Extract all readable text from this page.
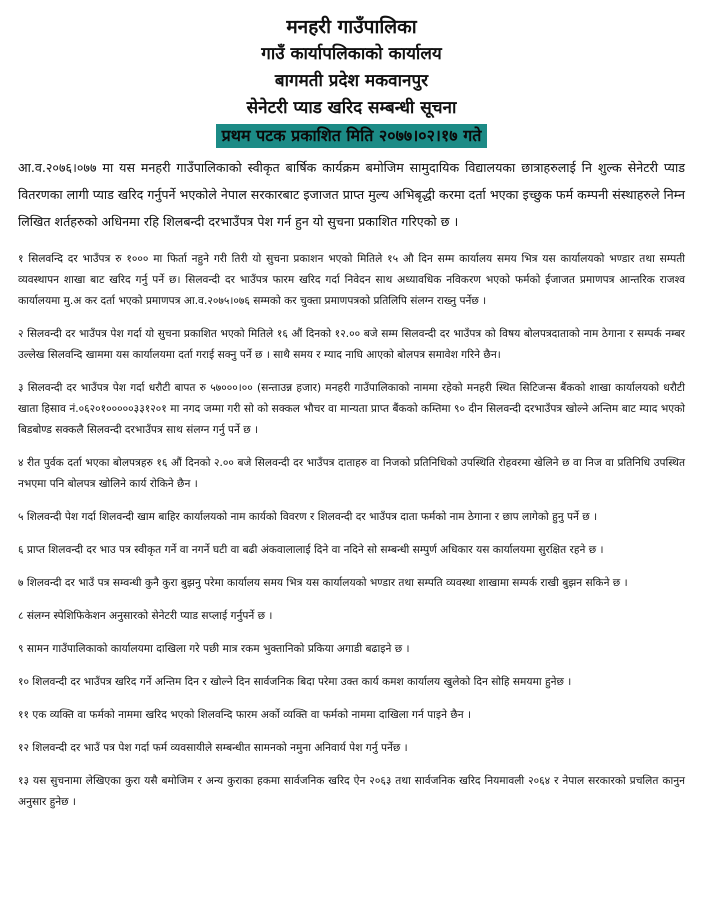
मनहरी गाउँपालिका
गाउँ कार्यापलिकाको कार्यालय
बागमती प्रदेश मकवानपुर
सेनेटरी प्याड खरिद सम्बन्धी सूचना
प्रथम पटक प्रकाशित मिति २०७७।०२।१७ गते
आ.व.२०७६।०७७ मा यस मनहरी गाउँपालिकाको स्वीकृत बार्षिक कार्यक्रम बमोजिम सामुदायिक विद्यालयका छात्राहरुलाई नि शुल्क सेनेटरी प्याड वितरणका लागी प्याड खरिद गर्नुपर्ने भएकोले नेपाल सरकारबाट इजाजत प्राप्त मुल्य अभिबृद्धी करमा दर्ता भएका इच्छुक फर्म कम्पनी संस्थाहरुले निम्न लिखित शर्तहरुको अधिनमा रहि शिलबन्दी दरभाउँपत्र पेश गर्न हुन यो सुचना प्रकाशित गरिएको छ ।

१ सिलवन्दि दर भाउँपत्र रु १००० मा फिर्ता नहुने गरी तिरी यो सुचना प्रकाशन भएको मितिले १५ औ दिन सम्म कार्यालय समय भित्र यस कार्यालयको भण्डार तथा सम्पती व्यवस्थापन शाखा बाट खरिद गर्नु पर्ने छ। सिलवन्दी दर भाउँपत्र फारम खरिद गर्दा निवेदन साथ अध्यावधिक नविकरण भएको फर्मको ईजाजत प्रमाणपत्र आन्तरिक राजश्व कार्यालयमा मु.अ कर दर्ता भएको प्रमाणपत्र आ.व.२०७५।०७६ सम्मको कर चुक्ता प्रमाणपत्रको प्रतिलिपि संलग्न राख्नु पर्नेछ ।

२ सिलवन्दी दर भाउँपत्र पेश गर्दा यो सुचना प्रकाशित भएको मितिले १६ औं दिनको १२.०० बजे सम्म सिलवन्दी दर भाउँपत्र को विषय बोलपत्रदाताको नाम ठेगाना र सम्पर्क नम्बर उल्लेख सिलवन्दि खाममा यस कार्यालयमा दर्ता गराई सक्नु पर्ने छ । साथै समय र म्याद नाघि आएको बोलपत्र समावेश गरिने छैन।

३ सिलवन्दी दर भाउँपत्र पेश गर्दा धरौटी बापत रु ५७०००।०० (सन्ताउन्न हजार) मनहरी गाउँपालिकाको नाममा रहेको मनहरी स्थित सिटिजन्स बैंकको शाखा कार्यालयको धरौटी खाता हिसाव नं.०६२०१०००००३३१२०१ मा नगद जम्मा गरी सो को सक्कल भौचर वा मान्यता प्राप्त बैंकको कम्तिमा ९० दीन सिलवन्दी दरभाउँपत्र खोल्ने अन्तिम बाट म्याद भएको बिडबोण्ड सक्कलै सिलवन्दी दरभाउँपत्र साथ संलग्न गर्नु पर्ने छ ।

४ रीत पुर्वक दर्ता भएका बोलपत्रहरु १६ औं दिनको २.०० बजे सिलवन्दी दर भाउँपत्र दाताहरु वा निजको प्रतिनिधिको उपस्थिति रोहवरमा खेलिने छ वा निज वा प्रतिनिधि उपस्थित नभएमा पनि बोलपत्र खोलिने कार्य रोकिने छैन ।

५ शिलवन्दी पेश गर्दा शिलवन्दी खाम बाहिर कार्यालयको नाम कार्यको विवरण र शिलवन्दी दर भाउँपत्र दाता फर्मको नाम ठेगाना र छाप लागेको हुनु पर्ने छ ।

६ प्राप्त शिलवन्दी दर भाउ पत्र स्वीकृत गर्ने वा नगर्ने घटी वा बढी अंकवालालाई दिने वा नदिने सो सम्बन्धी सम्पुर्ण अधिकार यस कार्यालयमा सुरक्षित रहने छ ।

७ शिलवन्दी दर भाउँ पत्र सम्वन्धी कुनै कुरा बुझनु परेमा कार्यालय समय भित्र यस कार्यालयको भण्डार तथा सम्पति व्यवस्था शाखामा सम्पर्क राखी बुझन सकिने छ ।

८ संलग्न स्पेशिफिकेशन अनुसारको सेनेटरी प्याड सप्लाई गर्नुपर्ने छ ।

९ सामन गाउँपालिकाको कार्यालयमा दाखिला गरे पछी मात्र रकम भुक्तानिको प्रकिया अगाडी बढाइने छ ।

१० शिलवन्दी दर भाउँपत्र खरिद गर्ने अन्तिम दिन र खोल्ने दिन सार्वजनिक बिदा परेमा उक्त कार्य कमश कार्यालय खुलेको दिन सोहि समयमा हुनेछ ।

११ एक व्यक्ति वा फर्मको नाममा खरिद भएको शिलवन्दि फारम अर्को व्यक्ति वा फर्मको नाममा दाखिला गर्न पाइने छैन ।

१२ शिलवन्दी दर भाउँ पत्र पेश गर्दा फर्म व्यवसायीले सम्बन्धीत सामनको नमुना अनिवार्य पेश गर्नु पर्नेछ ।

१३ यस सुचनामा लेखिएका कुरा यसै बमोजिम र अन्य कुराका हकमा सार्वजनिक खरिद ऐन २०६३ तथा सार्वजनिक खरिद नियमावली २०६४ र नेपाल सरकारको प्रचलित कानुन अनुसार हुनेछ ।
